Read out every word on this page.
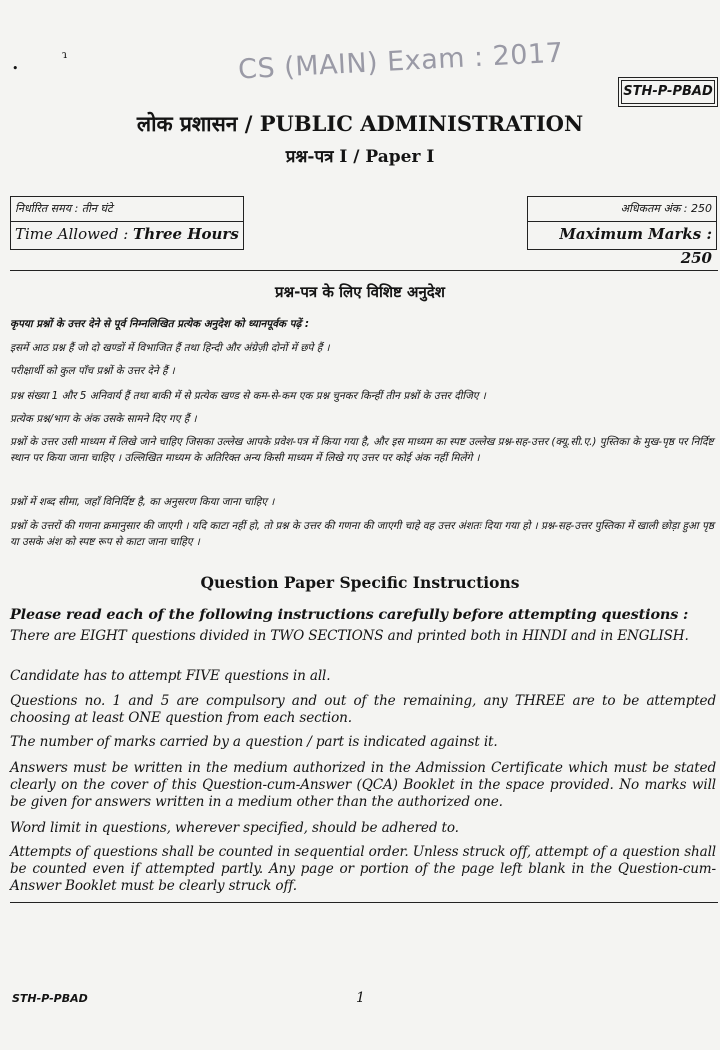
ɿ
•	CS (MAIN) Exam : 2017
STH-P-PBAD
लोक प्रशासन / PUBLIC ADMINISTRATION
प्रश्न-पत्र I / Paper I
निर्धारित समय : तीन घंटे
Time Allowed : Three Hours
अधिकतम अंक : 250
Maximum Marks : 250
प्रश्न-पत्र के लिए विशिष्ट अनुदेश
कृपया प्रश्नों के उत्तर देने से पूर्व निम्नलिखित प्रत्येक अनुदेश को ध्यानपूर्वक पढ़ें :
इसमें आठ प्रश्न हैं जो दो खण्डों में विभाजित हैं तथा हिन्दी और अंग्रेज़ी दोनों में छपे हैं ।
परीक्षार्थी को कुल पाँच प्रश्नों के उत्तर देने हैं ।
प्रश्न संख्या 1 और 5 अनिवार्य हैं तथा बाकी में से प्रत्येक खण्ड से कम-से-कम एक प्रश्न चुनकर किन्हीं तीन प्रश्नों के उत्तर दीजिए ।
प्रत्येक प्रश्न/भाग के अंक उसके सामने दिए गए हैं ।
प्रश्नों के उत्तर उसी माध्यम में लिखे जाने चाहिए जिसका उल्लेख आपके प्रवेश-पत्र में किया गया है, और इस माध्यम का स्पष्ट उल्लेख प्रश्न-सह-उत्तर (क्यू.सी.ए.) पुस्तिका के मुख-पृष्ठ पर निर्दिष्ट स्थान पर किया जाना चाहिए । उल्लिखित माध्यम के अतिरिक्त अन्य किसी माध्यम में लिखे गए उत्तर पर कोई अंक नहीं मिलेंगे ।
प्रश्नों में शब्द सीमा, जहाँ विनिर्दिष्ट है, का अनुसरण किया जाना चाहिए ।
प्रश्नों के उत्तरों की गणना क्रमानुसार की जाएगी । यदि काटा नहीं हो, तो प्रश्न के उत्तर की गणना की जाएगी चाहे वह उत्तर अंशतः दिया गया हो । प्रश्न-सह-उत्तर पुस्तिका में खाली छोड़ा हुआ पृष्ठ या उसके अंश को स्पष्ट रूप से काटा जाना चाहिए ।
Question Paper Specific Instructions
Please read each of the following instructions carefully before attempting questions :
There are EIGHT questions divided in TWO SECTIONS and printed both in HINDI and in ENGLISH.
Candidate has to attempt FIVE questions in all.
Questions no. 1 and 5 are compulsory and out of the remaining, any THREE are to be attempted choosing at least ONE question from each section.
The number of marks carried by a question / part is indicated against it.
Answers must be written in the medium authorized in the Admission Certificate which must be stated clearly on the cover of this Question-cum-Answer (QCA) Booklet in the space provided. No marks will be given for answers written in a medium other than the authorized one.
Word limit in questions, wherever specified, should be adhered to.
Attempts of questions shall be counted in sequential order. Unless struck off, attempt of a question shall be counted even if attempted partly. Any page or portion of the page left blank in the Question-cum-Answer Booklet must be clearly struck off.
STH-P-PBAD	1
